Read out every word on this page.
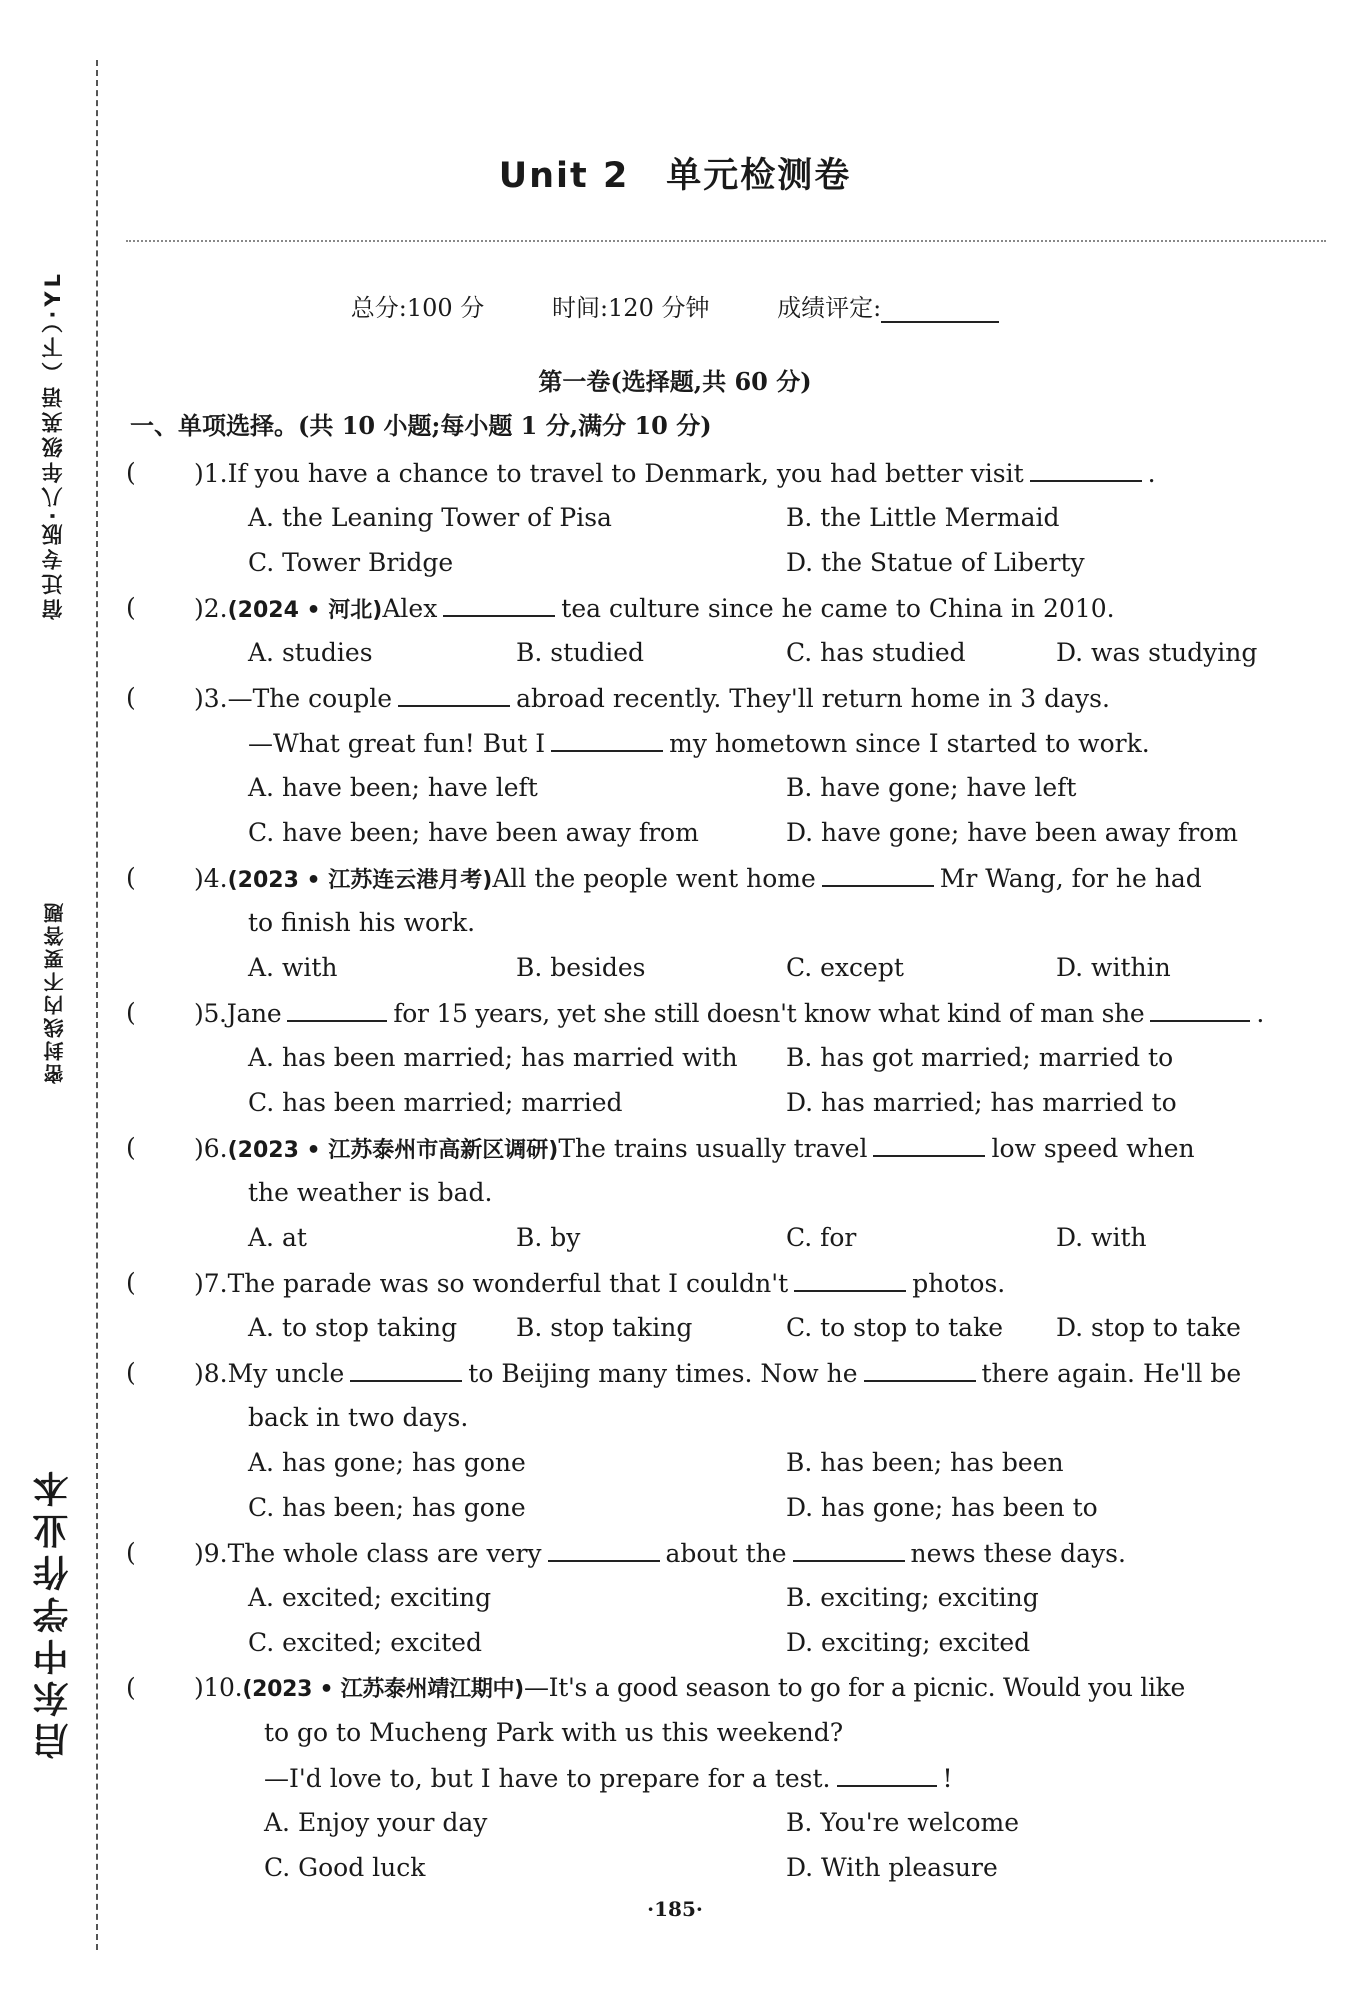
宿迁专版·八年级英语（下）·YL
密封线内不要答题
启东中学作业本
Unit 2　单元检测卷
总分:100 分	时间:120 分钟	成绩评定:
第一卷(选择题,共 60 分)
一、单项选择。(共 10 小题;每小题 1 分,满分 10 分)
( )1.If you have a chance to travel to Denmark, you had better visit	.
A. the Leaning Tower of Pisa	B. the Little Mermaid
C. Tower Bridge	D. the Statue of Liberty
( )2.(2024 • 河北)Alex	tea culture since he came to China in 2010.
A. studies	B. studied	C. has studied	D. was studying
( )3.—The couple	abroad recently. They'll return home in 3 days.
—What great fun! But I	my hometown since I started to work.
A. have been; have left	B. have gone; have left
C. have been; have been away from	D. have gone; have been away from
( )4.(2023 • 江苏连云港月考)All the people went home	Mr Wang, for he had
to finish his work.
A. with	B. besides	C. except	D. within
( )5.Jane	for 15 years, yet she still doesn't know what kind of man she	.
A. has been married; has married with B. has got married; married to
C. has been married; married	D. has married; has married to
( )6.(2023 • 江苏泰州市高新区调研)The trains usually travel	low speed when
the weather is bad.
A. at	B. by	C. for	D. with
( )7.The parade was so wonderful that I couldn't	photos.
A. to stop taking B. stop taking	C. to stop to take D. stop to take
( )8.My uncle	to Beijing many times. Now he	there again. He'll be
back in two days.
A. has gone; has gone	B. has been; has been
C. has been; has gone	D. has gone; has been to
( )9.The whole class are very	about the	news these days.
A. excited; exciting	B. exciting; exciting
C. excited; excited	D. exciting; excited
( )10.(2023 • 江苏泰州靖江期中)—It's a good season to go for a picnic. Would you like
to go to Mucheng Park with us this weekend?
—I'd love to, but I have to prepare for a test.	!
A. Enjoy your day	B. You're welcome
C. Good luck	D. With pleasure
·185·
